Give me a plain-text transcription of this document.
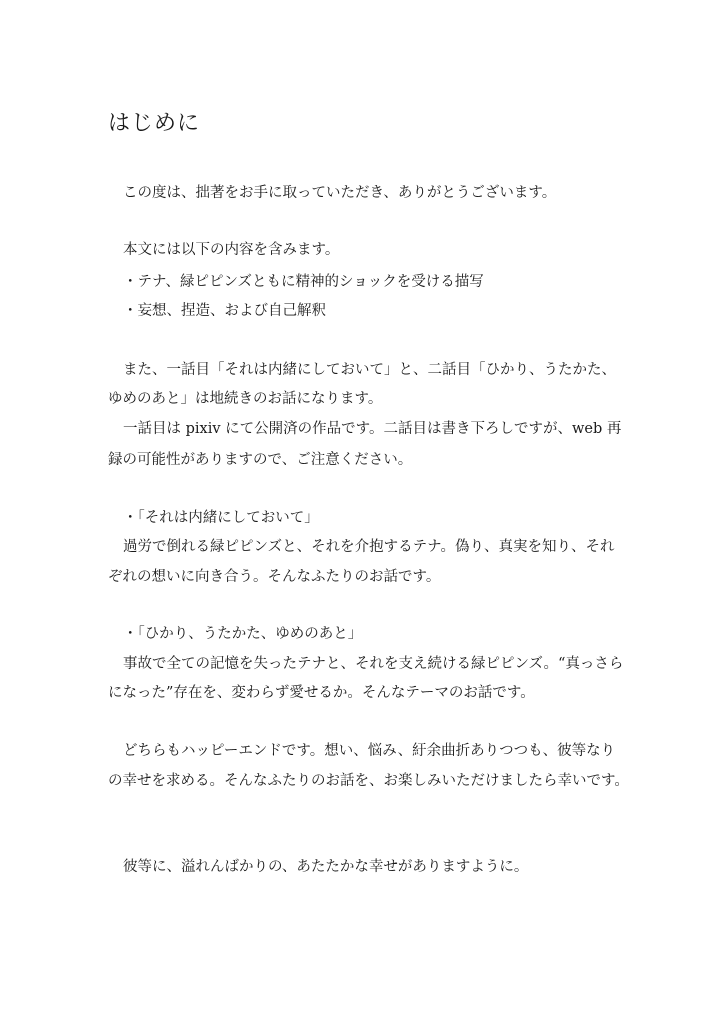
はじめに
この度は、拙著をお手に取っていただき、ありがとうございます。
本文には以下の内容を含みます。
・テナ、緑ピピンズともに精神的ショックを受ける描写
・妄想、捏造、および自己解釈
また、一話目「それは内緒にしておいて」と、二話目「ひかり、うたかた、
ゆめのあと」は地続きのお話になります。
一話目は pixiv にて公開済の作品です。二話目は書き下ろしですが、web 再
録の可能性がありますので、ご注意ください。
・「それは内緒にしておいて」
過労で倒れる緑ピピンズと、それを介抱するテナ。偽り、真実を知り、それ
ぞれの想いに向き合う。そんなふたりのお話です。
・「ひかり、うたかた、ゆめのあと」
事故で全ての記憶を失ったテナと、それを支え続ける緑ピピンズ。“真っさら
になった”存在を、変わらず愛せるか。そんなテーマのお話です。
どちらもハッピーエンドです。想い、悩み、紆余曲折ありつつも、彼等なり
の幸せを求める。そんなふたりのお話を、お楽しみいただけましたら幸いです。
彼等に、溢れんばかりの、あたたかな幸せがありますように。
